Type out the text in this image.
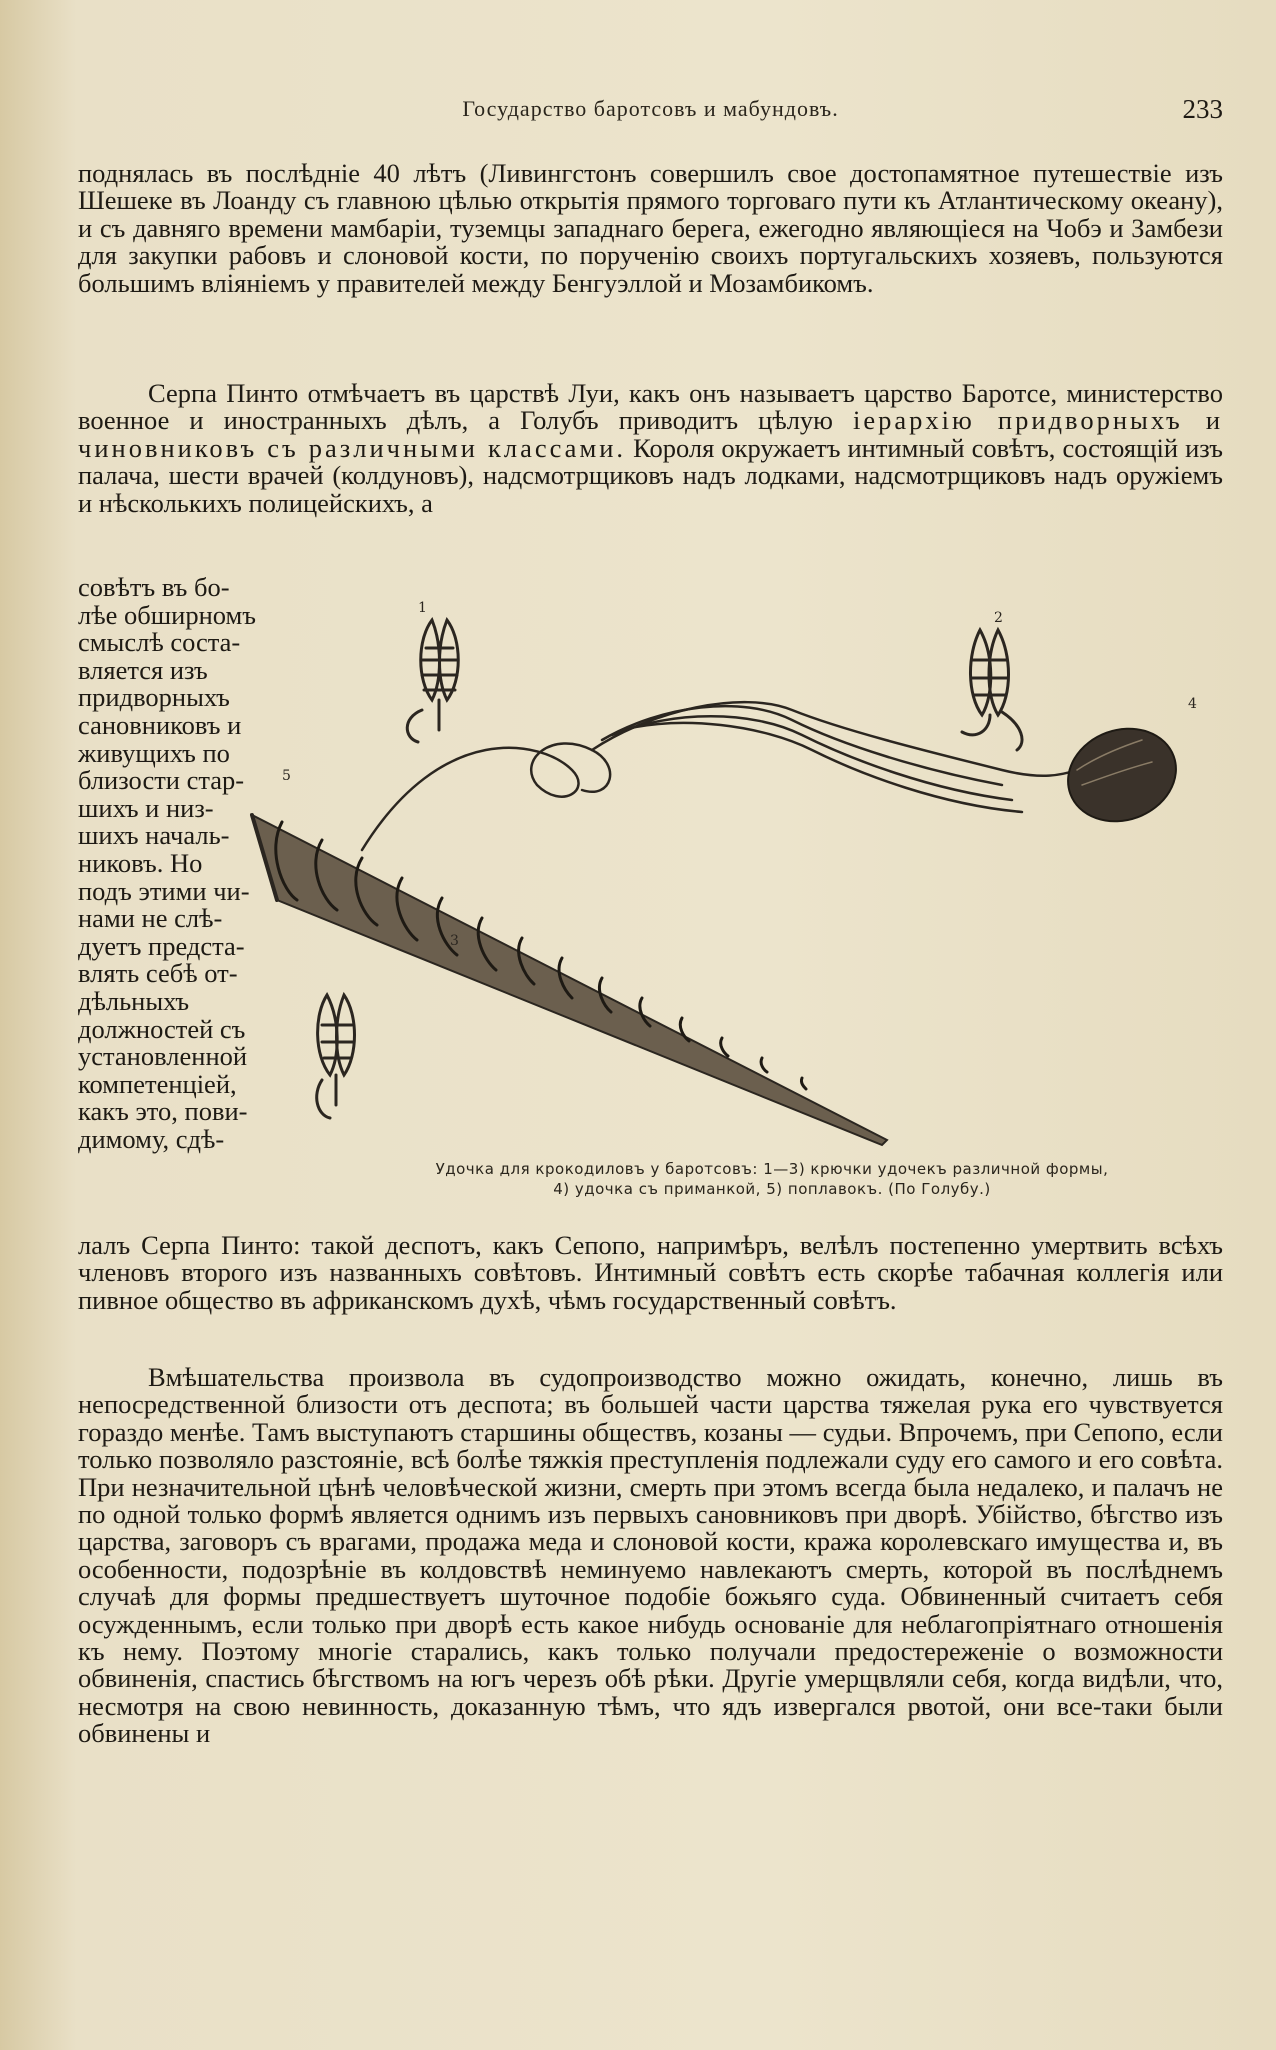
Государство баротсовъ и мабундовъ.	233

поднялась въ послѣдніе 40 лѣтъ (Ливингстонъ совершилъ свое достопамятное путешествіе изъ Шешеке въ Лоанду съ главною цѣлью открытія прямого торговаго пути къ Атлантическому океану), и съ давняго времени мамбаріи, туземцы западнаго берега, ежегодно являющіеся на Чобэ и Замбези для закупки рабовъ и слоновой кости, по порученію своихъ португальскихъ хозяевъ, пользуются большимъ вліяніемъ у правителей между Бенгуэллой и Мозамбикомъ.

Серпа Пинто отмѣчаетъ въ царствѣ Луи, какъ онъ называетъ царство Баротсе, министерство военное и иностранныхъ дѣлъ, а Голубъ приводитъ цѣлую іерархію придворныхъ и чиновниковъ съ различными классами. Короля окружаетъ интимный совѣтъ, состоящій изъ палача, шести врачей (колдуновъ), надсмотрщиковъ надъ лодками, надсмотрщиковъ надъ оружіемъ и нѣсколькихъ полицейскихъ, а

совѣтъ въ бо-
лѣе обширномъ
смыслѣ соста-
вляется изъ
придворныхъ
сановниковъ и
живущихъ по
близости стар-
шихъ и низ-
шихъ началь-
никовъ. Но
подъ этими чи-
нами не слѣ-
дуетъ предста-
влять себѣ от-
дѣльныхъ
должностей съ
установленной
компетенціей,
какъ это, пови-
димому, сдѣ-
5
2
4
3
1
Удочка для крокодиловъ у баротсовъ: 1—3) крючки удочекъ различной формы,
4) удочка съ приманкой, 5) поплавокъ. (По Голубу.)

лалъ Серпа Пинто: такой деспотъ, какъ Сепопо, напримѣръ, велѣлъ постепенно умертвить всѣхъ членовъ второго изъ названныхъ совѣтовъ. Интимный совѣтъ есть скорѣе табачная коллегія или пивное общество въ африканскомъ духѣ, чѣмъ государственный совѣтъ.

Вмѣшательства произвола въ судопроизводство можно ожидать, конечно, лишь въ непосредственной близости отъ деспота; въ большей части царства тяжелая рука его чувствуется гораздо менѣе. Тамъ выступаютъ старшины обществъ, козаны — судьи. Впрочемъ, при Сепопо, если только позволяло разстояніе, всѣ болѣе тяжкія преступленія подлежали суду его самого и его совѣта. При незначительной цѣнѣ человѣческой жизни, смерть при этомъ всегда была недалеко, и палачъ не по одной только формѣ является однимъ изъ первыхъ сановниковъ при дворѣ. Убійство, бѣгство изъ царства, заговоръ съ врагами, продажа меда и слоновой кости, кража королевскаго имущества и, въ особенности, подозрѣніе въ колдовствѣ неминуемо навлекаютъ смерть, которой въ послѣднемъ случаѣ для формы предшествуетъ шуточное подобіе божьяго суда. Обвиненный считаетъ себя осужденнымъ, если только при дворѣ есть какое нибудь основаніе для неблагопріятнаго отношенія къ нему. Поэтому многіе старались, какъ только получали предостереженіе о возможности обвиненія, спастись бѣгствомъ на югъ черезъ обѣ рѣки. Другіе умерщвляли себя, когда видѣли, что, несмотря на свою невинность, доказанную тѣмъ, что ядъ извергался рвотой, они все-таки были обвинены и
